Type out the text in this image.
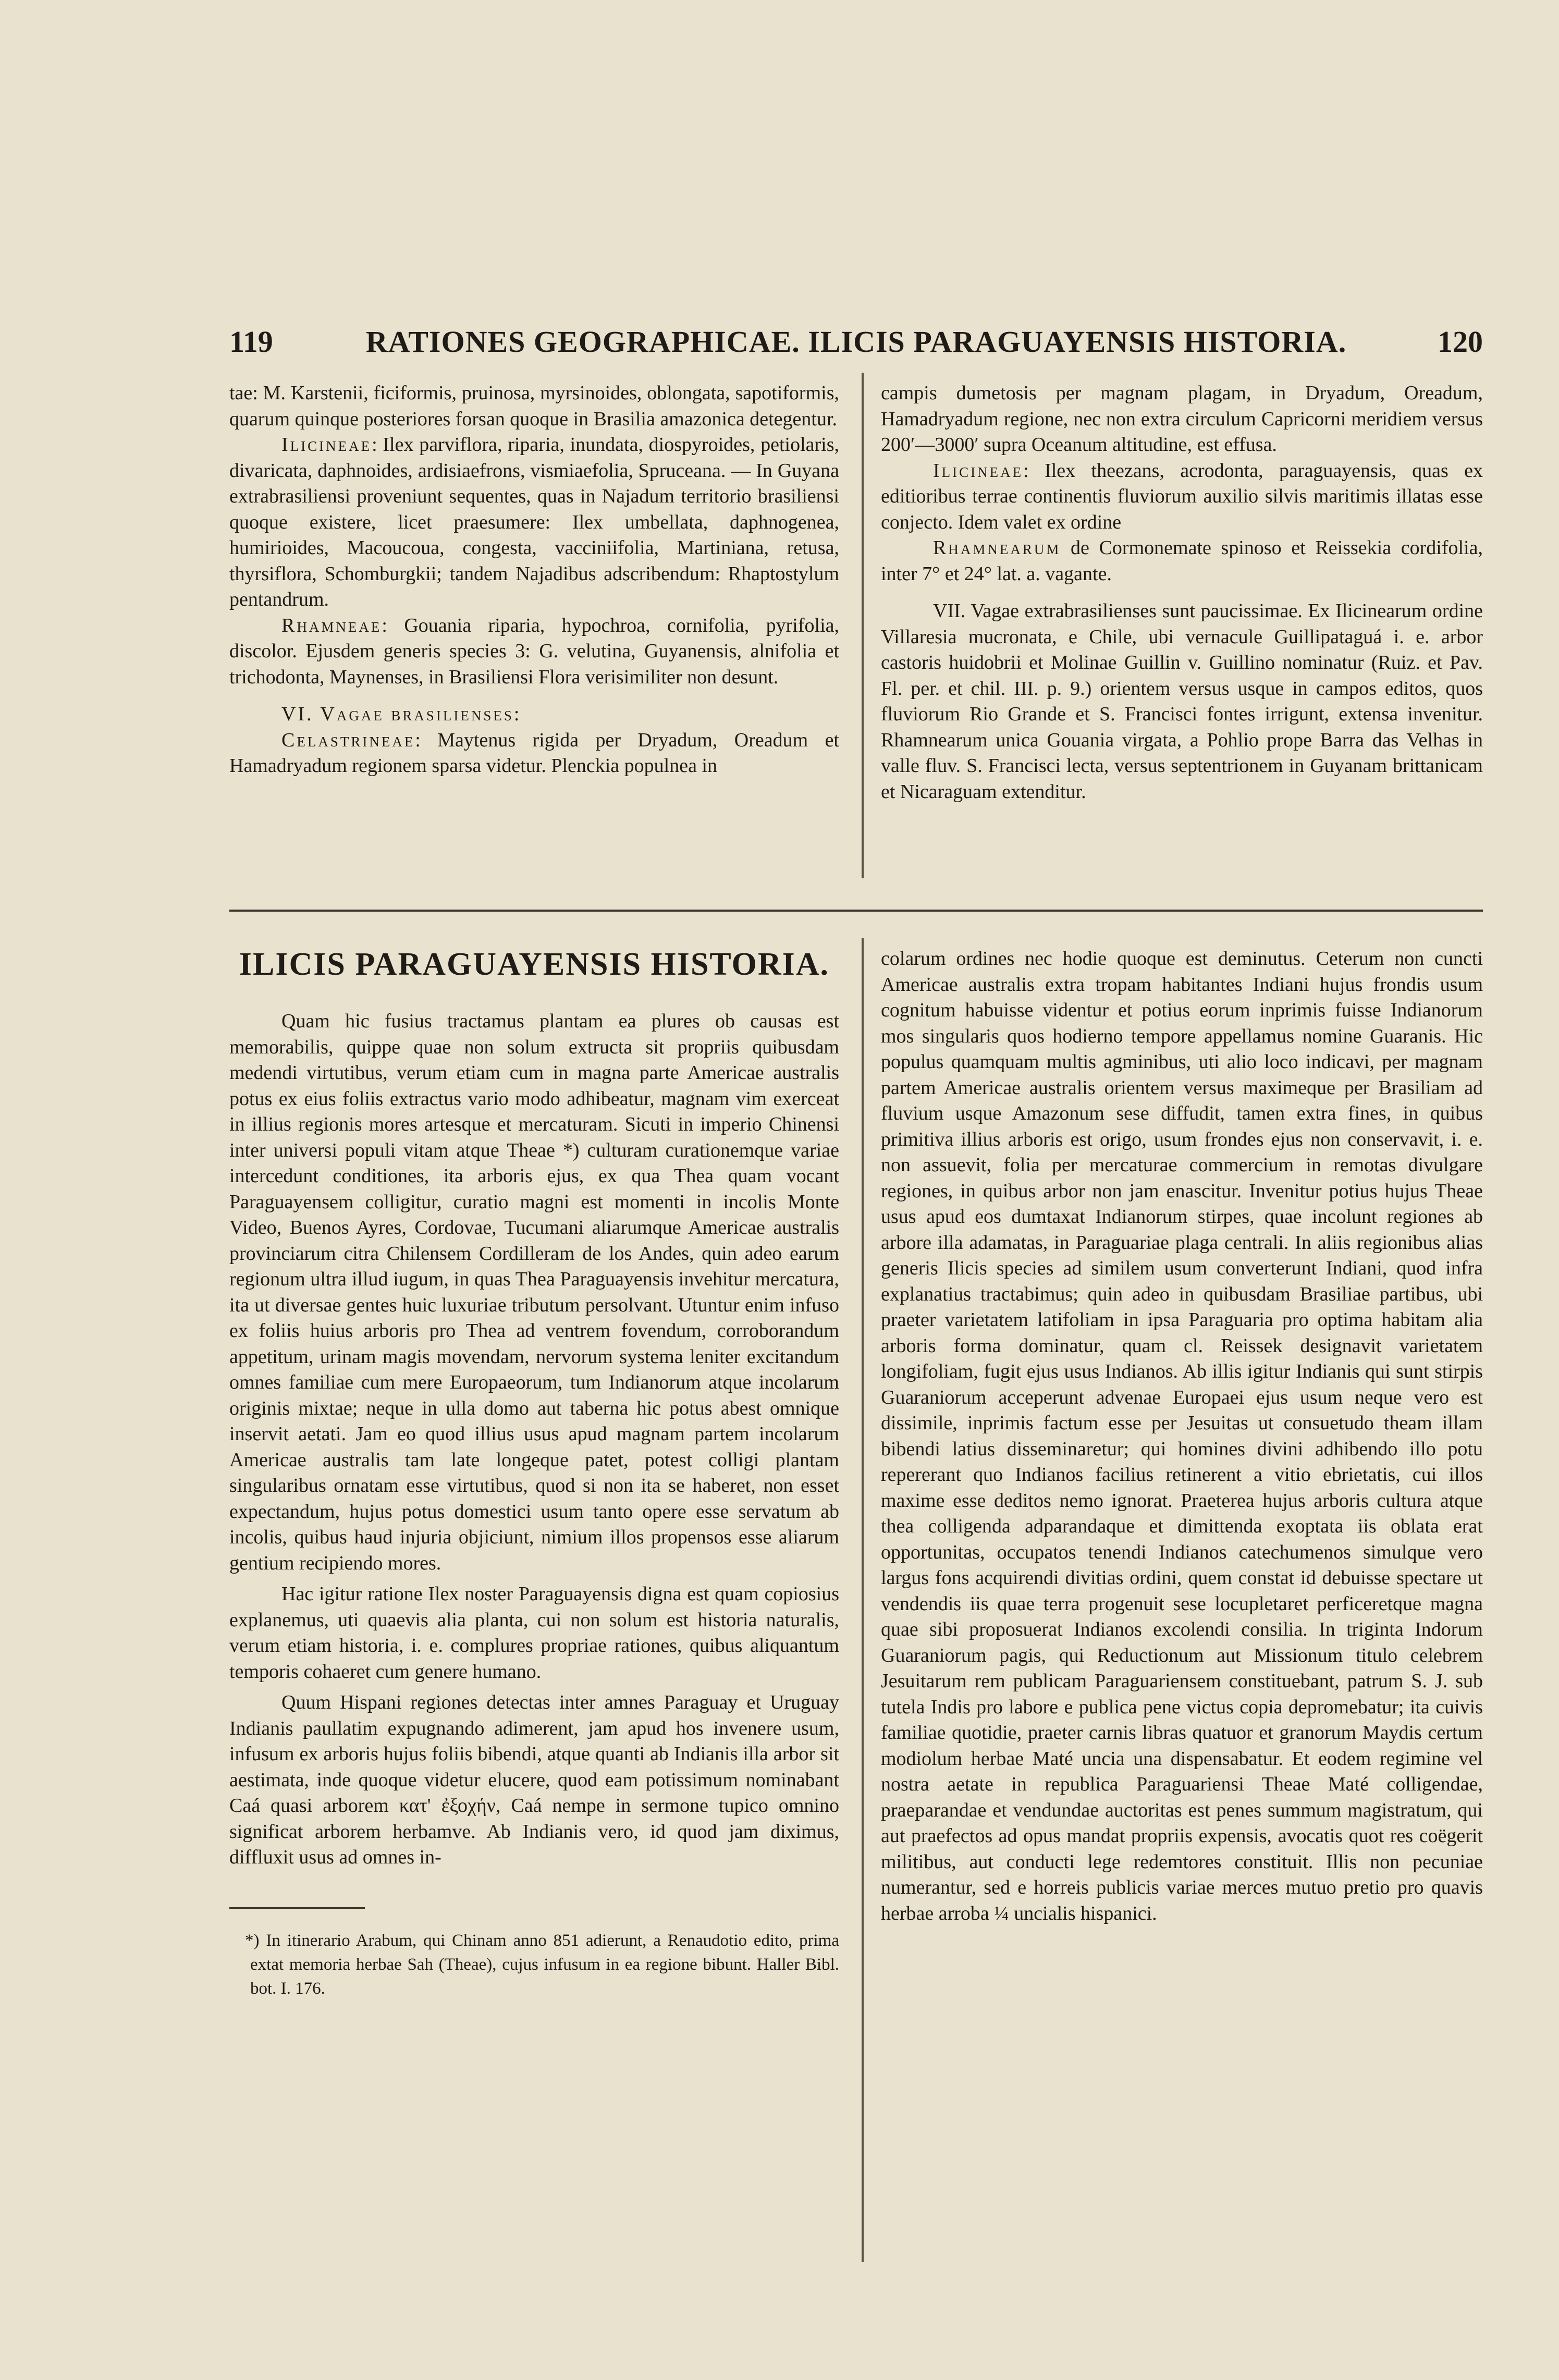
119	RATIONES GEOGRAPHICAE. ILICIS PARAGUAYENSIS HISTORIA.	120

tae: M. Karstenii, ficiformis, pruinosa, myrsinoides, oblongata, sapotiformis, quarum quinque posteriores forsan quoque in Brasilia amazonica detegentur.

Ilicineae: Ilex parviflora, riparia, inundata, diospyroides, petiolaris, divaricata, daphnoides, ardisiaefrons, vismiaefolia, Spruceana. — In Guyana extrabrasiliensi proveniunt sequentes, quas in Najadum territorio brasiliensi quoque existere, licet praesumere: Ilex umbellata, daphnogenea, humirioides, Macoucoua, congesta, vacciniifolia, Martiniana, retusa, thyrsiflora, Schomburgkii; tandem Najadibus adscribendum: Rhaptostylum pentandrum.

Rhamneae: Gouania riparia, hypochroa, cornifolia, pyrifolia, discolor. Ejusdem generis species 3: G. velutina, Guyanensis, alnifolia et trichodonta, Maynenses, in Brasiliensi Flora verisimiliter non desunt.

VI. Vagae brasilienses:

Celastrineae: Maytenus rigida per Dryadum, Oreadum et Hamadryadum regionem sparsa videtur. Plenckia populnea in

campis dumetosis per magnam plagam, in Dryadum, Oreadum, Hamadryadum regione, nec non extra circulum Capricorni meridiem versus 200′—3000′ supra Oceanum altitudine, est effusa.

Ilicineae: Ilex theezans, acrodonta, paraguayensis, quas ex editioribus terrae continentis fluviorum auxilio silvis maritimis illatas esse conjecto. Idem valet ex ordine

Rhamnearum de Cormonemate spinoso et Reissekia cordifolia, inter 7° et 24° lat. a. vagante.

VII. Vagae extrabrasilienses sunt paucissimae. Ex Ilicinearum ordine Villaresia mucronata, e Chile, ubi vernacule Guillipataguá i. e. arbor castoris huidobrii et Molinae Guillin v. Guillino nominatur (Ruiz. et Pav. Fl. per. et chil. III. p. 9.) orientem versus usque in campos editos, quos fluviorum Rio Grande et S. Francisci fontes irrigunt, extensa invenitur. Rhamnearum unica Gouania virgata, a Pohlio prope Barra das Velhas in valle fluv. S. Francisci lecta, versus septentrionem in Guyanam brittanicam et Nicaraguam extenditur.

ILICIS PARAGUAYENSIS HISTORIA.

Quam hic fusius tractamus plantam ea plures ob causas est memorabilis, quippe quae non solum extructa sit propriis quibusdam medendi virtutibus, verum etiam cum in magna parte Americae australis potus ex eius foliis extractus vario modo adhibeatur, magnam vim exerceat in illius regionis mores artesque et mercaturam. Sicuti in imperio Chinensi inter universi populi vitam atque Theae *) culturam curationemque variae intercedunt conditiones, ita arboris ejus, ex qua Thea quam vocant Paraguayensem colligitur, curatio magni est momenti in incolis Monte Video, Buenos Ayres, Cordovae, Tucumani aliarumque Americae australis provinciarum citra Chilensem Cordilleram de los Andes, quin adeo earum regionum ultra illud iugum, in quas Thea Paraguayensis invehitur mercatura, ita ut diversae gentes huic luxuriae tributum persolvant. Utuntur enim infuso ex foliis huius arboris pro Thea ad ventrem fovendum, corroborandum appetitum, urinam magis movendam, nervorum systema leniter excitandum omnes familiae cum mere Europaeorum, tum Indianorum atque incolarum originis mixtae; neque in ulla domo aut taberna hic potus abest omnique inservit aetati. Jam eo quod illius usus apud magnam partem incolarum Americae australis tam late longeque patet, potest colligi plantam singularibus ornatam esse virtutibus, quod si non ita se haberet, non esset expectandum, hujus potus domestici usum tanto opere esse servatum ab incolis, quibus haud injuria objiciunt, nimium illos propensos esse aliarum gentium recipiendo mores.

Hac igitur ratione Ilex noster Paraguayensis digna est quam copiosius explanemus, uti quaevis alia planta, cui non solum est historia naturalis, verum etiam historia, i. e. complures propriae rationes, quibus aliquantum temporis cohaeret cum genere humano.

Quum Hispani regiones detectas inter amnes Paraguay et Uruguay Indianis paullatim expugnando adimerent, jam apud hos invenere usum, infusum ex arboris hujus foliis bibendi, atque quanti ab Indianis illa arbor sit aestimata, inde quoque videtur elucere, quod eam potissimum nominabant Caá quasi arborem κατ' ἐξοχήν, Caá nempe in sermone tupico omnino significat arborem herbamve. Ab Indianis vero, id quod jam diximus, diffluxit usus ad omnes in-

*) In itinerario Arabum, qui Chinam anno 851 adierunt, a Renaudotio edito, prima extat memoria herbae Sah (Theae), cujus infusum in ea regione bibunt. Haller Bibl. bot. I. 176.

colarum ordines nec hodie quoque est deminutus. Ceterum non cuncti Americae australis extra tropam habitantes Indiani hujus frondis usum cognitum habuisse videntur et potius eorum inprimis fuisse Indianorum mos singularis quos hodierno tempore appellamus nomine Guaranis. Hic populus quamquam multis agminibus, uti alio loco indicavi, per magnam partem Americae australis orientem versus maximeque per Brasiliam ad fluvium usque Amazonum sese diffudit, tamen extra fines, in quibus primitiva illius arboris est origo, usum frondes ejus non conservavit, i. e. non assuevit, folia per mercaturae commercium in remotas divulgare regiones, in quibus arbor non jam enascitur. Invenitur potius hujus Theae usus apud eos dumtaxat Indianorum stirpes, quae incolunt regiones ab arbore illa adamatas, in Paraguariae plaga centrali. In aliis regionibus alias generis Ilicis species ad similem usum converterunt Indiani, quod infra explanatius tractabimus; quin adeo in quibusdam Brasiliae partibus, ubi praeter varietatem latifoliam in ipsa Paraguaria pro optima habitam alia arboris forma dominatur, quam cl. Reissek designavit varietatem longifoliam, fugit ejus usus Indianos. Ab illis igitur Indianis qui sunt stirpis Guaraniorum acceperunt advenae Europaei ejus usum neque vero est dissimile, inprimis factum esse per Jesuitas ut consuetudo theam illam bibendi latius disseminaretur; qui homines divini adhibendo illo potu repererant quo Indianos facilius retinerent a vitio ebrietatis, cui illos maxime esse deditos nemo ignorat. Praeterea hujus arboris cultura atque thea colligenda adparandaque et dimittenda exoptata iis oblata erat opportunitas, occupatos tenendi Indianos catechumenos simulque vero largus fons acquirendi divitias ordini, quem constat id debuisse spectare ut vendendis iis quae terra progenuit sese locupletaret perficeretque magna quae sibi proposuerat Indianos excolendi consilia. In triginta Indorum Guaraniorum pagis, qui Reductionum aut Missionum titulo celebrem Jesuitarum rem publicam Paraguariensem constituebant, patrum S. J. sub tutela Indis pro labore e publica pene victus copia depromebatur; ita cuivis familiae quotidie, praeter carnis libras quatuor et granorum Maydis certum modiolum herbae Maté uncia una dispensabatur. Et eodem regimine vel nostra aetate in republica Paraguariensi Theae Maté colligendae, praeparandae et vendundae auctoritas est penes summum magistratum, qui aut praefectos ad opus mandat propriis expensis, avocatis quot res coëgerit militibus, aut conducti lege redemtores constituit. Illis non pecuniae numerantur, sed e horreis publicis variae merces mutuo pretio pro quavis herbae arroba ¼ uncialis hispanici.
